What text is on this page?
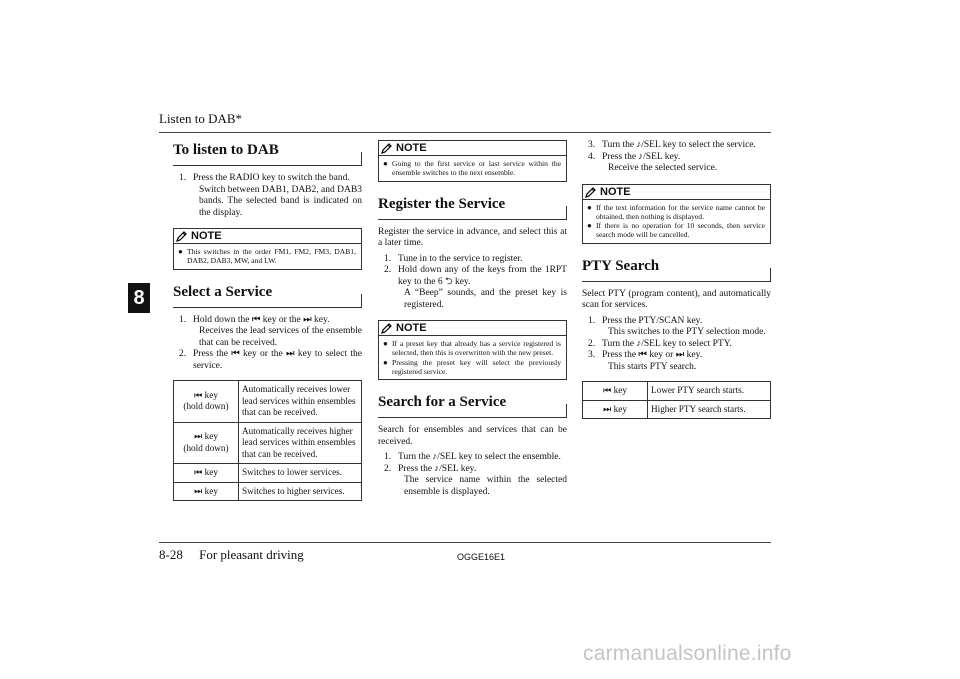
Listen to DAB*
8
To listen to DAB
1. Press the RADIO key to switch the band.
Switch between DAB1, DAB2, and DAB3 bands. The selected band is indicated on the display.
NOTE
● This switches in the order FM1, FM2, FM3, DAB1, DAB2, DAB3, MW, and LW.
Select a Service
1. Hold down the ⏮ key or the ⏭ key.
Receives the lead services of the ensemble that can be received.
2. Press the ⏮ key or the ⏭ key to select the service.
⏮ key
(hold down)	Automatically receives lower lead services within ensembles that can be received.
⏭ key
(hold down)	Automatically receives higher lead services within ensembles that can be received.
⏮ key	Switches to lower services.
⏭ key	Switches to higher services.
NOTE
● Going to the first service or last service within the ensemble switches to the next ensemble.
Register the Service
Register the service in advance, and select this at a later time.
1. Tune in to the service to register.
2. Hold down any of the keys from the 1RPT key to the 6 ⮌ key.
A “Beep” sounds, and the preset key is registered.
NOTE
● If a preset key that already has a service registered is selected, then this is overwritten with the new preset.
● Pressing the preset key will select the previously registered service.
Search for a Service
Search for ensembles and services that can be received.
1. Turn the ♪/SEL key to select the ensemble.
2. Press the ♪/SEL key.
The service name within the selected ensemble is displayed.
3. Turn the ♪/SEL key to select the service.
4. Press the ♪/SEL key.
Receive the selected service.
NOTE
● If the text information for the service name cannot be obtained, then nothing is displayed.
● If there is no operation for 10 seconds, then service search mode will be cancelled.
PTY Search
Select PTY (program content), and automatically scan for services.
1. Press the PTY/SCAN key.
This switches to the PTY selection mode.
2. Turn the ♪/SEL key to select PTY.
3. Press the ⏮ key or ⏭ key.
This starts PTY search.
⏮ key	Lower PTY search starts.
⏭ key	Higher PTY search starts.
8-28 For pleasant driving	OGGE16E1
carmanualsonline.info
